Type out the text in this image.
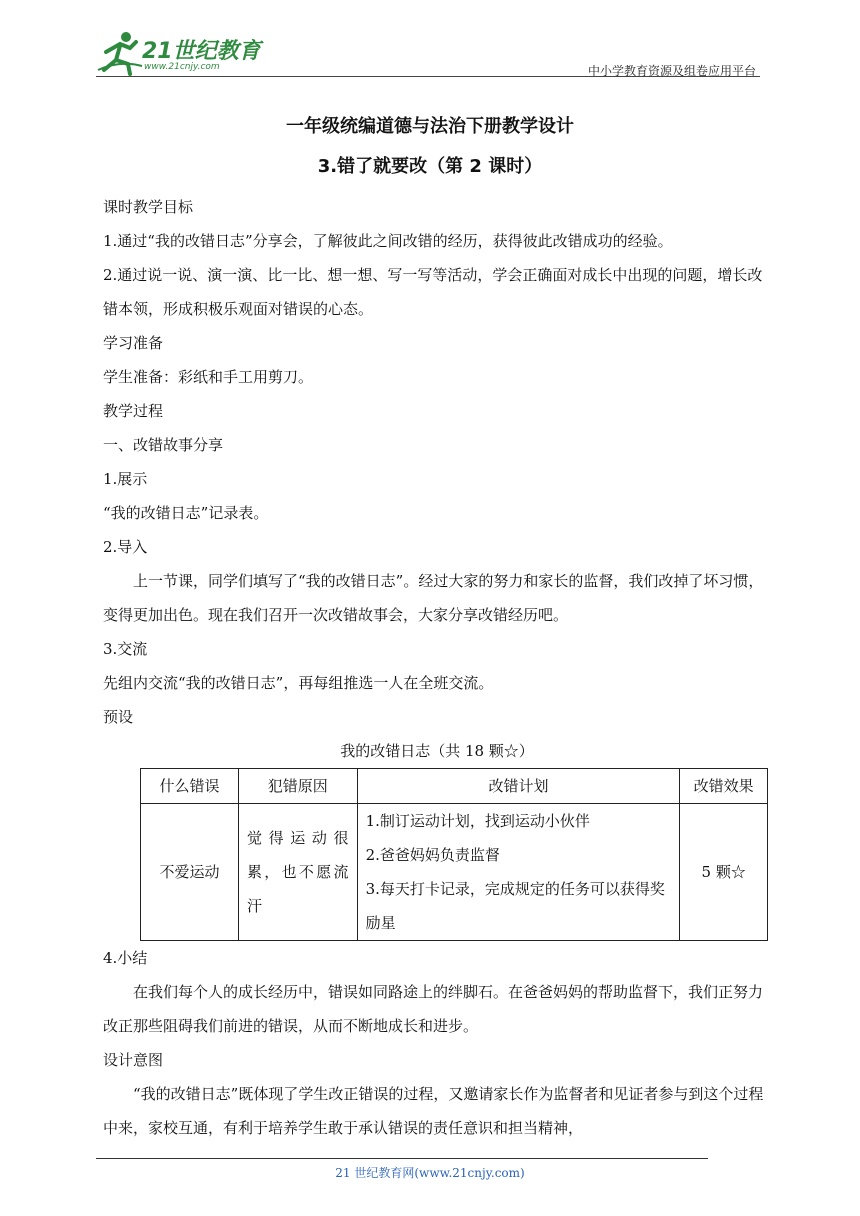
21世纪教育
www.21cnjy.com	中小学教育资源及组卷应用平台
一年级统编道德与法治下册教学设计
3.错了就要改（第 2 课时）

课时教学目标

1.通过“我的改错日志”分享会，了解彼此之间改错的经历，获得彼此改错成功的经验。

2.通过说一说、演一演、比一比、想一想、写一写等活动，学会正确面对成长中出现的问题，增长改错本领，形成积极乐观面对错误的心态。

学习准备

学生准备：彩纸和手工用剪刀。

教学过程

一、改错故事分享

1.展示

“我的改错日志”记录表。

2.导入

上一节课，同学们填写了“我的改错日志”。经过大家的努力和家长的监督，我们改掉了坏习惯，变得更加出色。现在我们召开一次改错故事会，大家分享改错经历吧。

3.交流

先组内交流“我的改错日志”，再每组推选一人在全班交流。

预设

我的改错日志（共 18 颗☆）

什么错误	犯错原因	改错计划	改错效果
不爱运动	觉得运动很累，也不愿流汗	1.制订运动计划，找到运动小伙伴
2.爸爸妈妈负责监督
3.每天打卡记录，完成规定的任务可以获得奖励星	5 颗☆

4.小结

在我们每个人的成长经历中，错误如同路途上的绊脚石。在爸爸妈妈的帮助监督下，我们正努力改正那些阻碍我们前进的错误，从而不断地成长和进步。

设计意图

“我的改错日志”既体现了学生改正错误的过程，又邀请家长作为监督者和见证者参与到这个过程中来，家校互通，有利于培养学生敢于承认错误的责任意识和担当精神，

21 世纪教育网(www.21cnjy.com)
